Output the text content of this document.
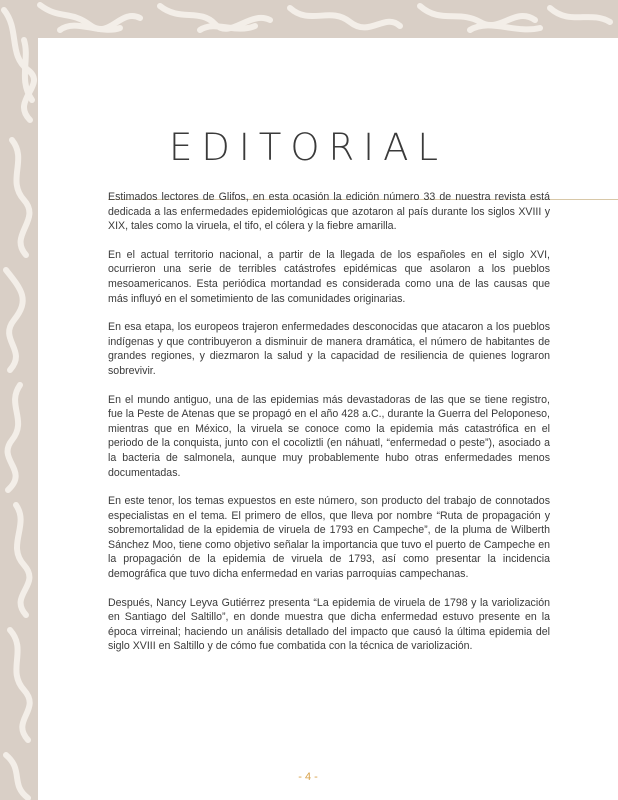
EDITORIAL

Estimados lectores de Glifos, en esta ocasión la edición número 33 de nuestra revista está dedicada a las enfermedades epidemiológicas que azotaron al país durante los siglos XVIII y XIX, tales como la viruela, el tifo, el cólera y la fiebre amarilla.

En el actual territorio nacional, a partir de la llegada de los españoles en el siglo XVI, ocurrieron una serie de terribles catástrofes epidémicas que asolaron a los pueblos mesoamericanos. Esta periódica mortandad es considerada como una de las causas que más influyó en el sometimiento de las comunidades originarias.

En esa etapa, los europeos trajeron enfermedades desconocidas que atacaron a los pueblos indígenas y que contribuyeron a disminuir de manera dramática, el número de habitantes de grandes regiones, y diezmaron la salud y la capacidad de resiliencia de quienes lograron sobrevivir.

En el mundo antiguo, una de las epidemias más devastadoras de las que se tiene registro, fue la Peste de Atenas que se propagó en el año 428 a.C., durante la Guerra del Peloponeso, mientras que en México, la viruela se conoce como la epidemia más catastrófica en el periodo de la conquista, junto con el cocoliztli (en náhuatl, “enfermedad o peste”), asociado a la bacteria de salmonela, aunque muy probablemente hubo otras enfermedades menos documentadas.

En este tenor, los temas expuestos en este número, son producto del trabajo de connotados especialistas en el tema. El primero de ellos, que lleva por nombre “Ruta de propagación y sobremortalidad de la epidemia de viruela de 1793 en Campeche”, de la pluma de Wilberth Sánchez Moo, tiene como objetivo señalar la importancia que tuvo el puerto de Campeche en la propagación de la epidemia de viruela de 1793, así como presentar la incidencia demográfica que tuvo dicha enfermedad en varias parroquias campechanas.

Después, Nancy Leyva Gutiérrez presenta “La epidemia de viruela de 1798 y la variolización en Santiago del Saltillo”, en donde muestra que dicha enfermedad estuvo presente en la época virreinal; haciendo un análisis detallado del impacto que causó la última epidemia del siglo XVIII en Saltillo y de cómo fue combatida con la técnica de variolización.

- 4 -
